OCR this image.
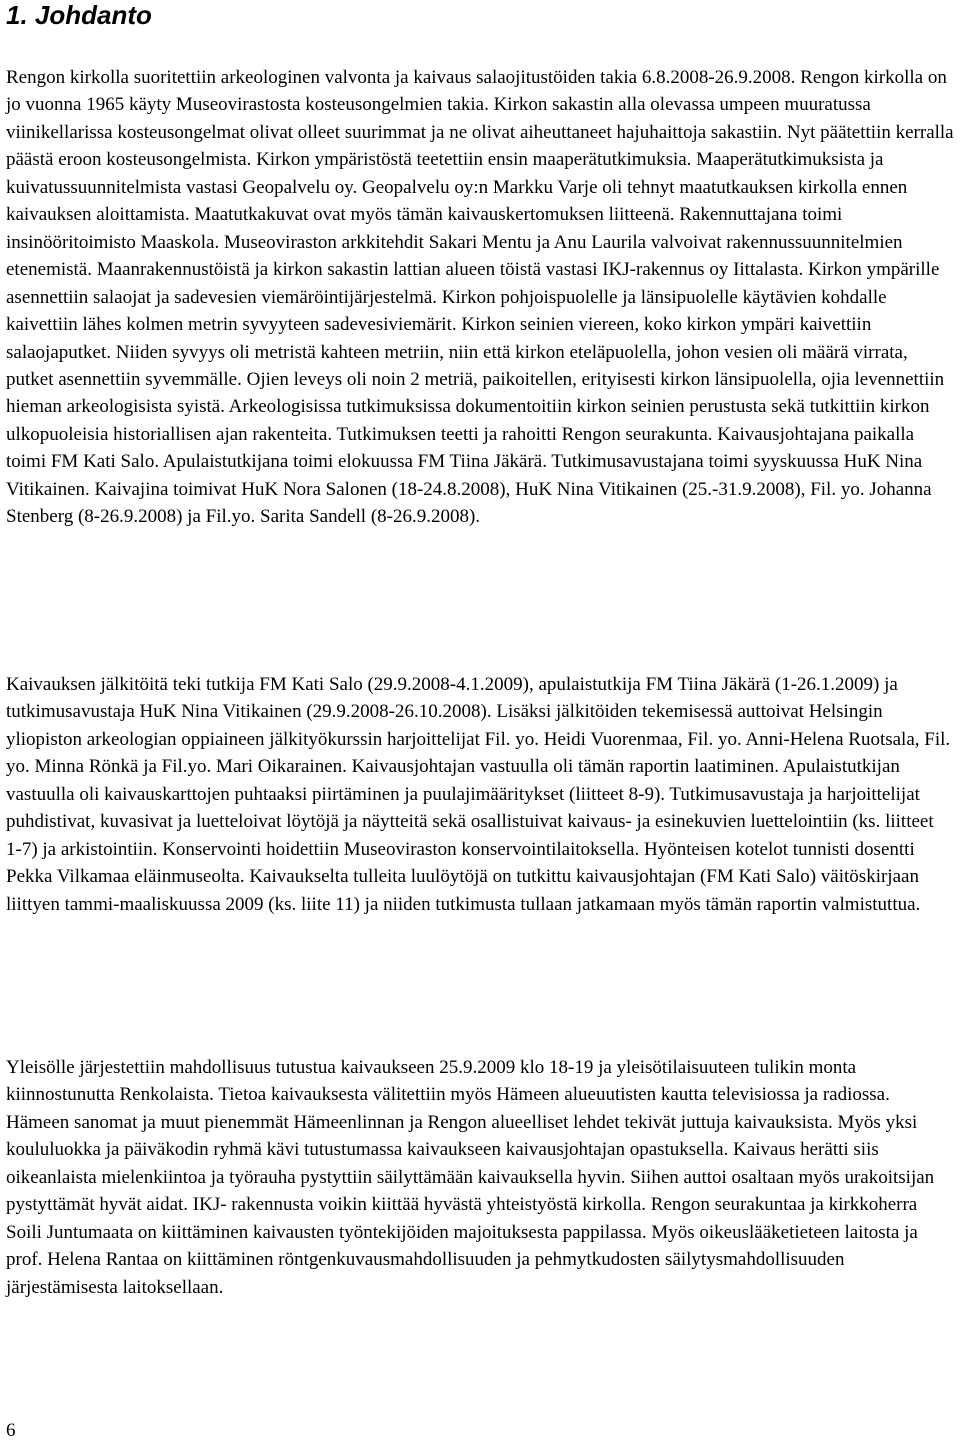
1. Johdanto

Rengon kirkolla suoritettiin arkeologinen valvonta ja kaivaus salaojitustöiden takia 6.8.2008-26.9.2008. Rengon kirkolla on jo vuonna 1965 käyty Museovirastosta kosteusongelmien takia. Kirkon sakastin alla olevassa umpeen muuratussa viinikellarissa kosteusongelmat olivat olleet suurimmat ja ne olivat aiheuttaneet hajuhaittoja sakastiin. Nyt päätettiin kerralla päästä eroon kosteusongelmista. Kirkon ympäristöstä teetettiin ensin maaperätutkimuksia. Maaperätutkimuksista ja kuivatussuunnitelmista vastasi Geopalvelu oy. Geopalvelu oy:n Markku Varje oli tehnyt maatutkauksen kirkolla ennen kaivauksen aloittamista. Maatutkakuvat ovat myös tämän kaivauskertomuksen liitteenä. Rakennuttajana toimi insinööritoimisto Maaskola. Museoviraston arkkitehdit Sakari Mentu ja Anu Laurila valvoivat rakennussuunnitelmien etenemistä. Maanrakennustöistä ja kirkon sakastin lattian alueen töistä vastasi IKJ-rakennus oy Iittalasta. Kirkon ympärille asennettiin salaojat ja sadevesien viemäröintijärjestelmä. Kirkon pohjoispuolelle ja länsipuolelle käytävien kohdalle kaivettiin lähes kolmen metrin syvyyteen sadevesiviemärit. Kirkon seinien viereen, koko kirkon ympäri kaivettiin salaojaputket. Niiden syvyys oli metristä kahteen metriin, niin että kirkon eteläpuolella, johon vesien oli määrä virrata, putket asennettiin syvemmälle. Ojien leveys oli noin 2 metriä, paikoitellen, erityisesti kirkon länsipuolella, ojia levennettiin hieman arkeologisista syistä. Arkeologisissa tutkimuksissa dokumentoitiin kirkon seinien perustusta sekä tutkittiin kirkon ulkopuoleisia historiallisen ajan rakenteita. Tutkimuksen teetti ja rahoitti Rengon seurakunta. Kaivausjohtajana paikalla toimi FM Kati Salo. Apulaistutkijana toimi elokuussa FM Tiina Jäkärä. Tutkimusavustajana toimi syyskuussa HuK Nina Vitikainen. Kaivajina toimivat HuK Nora Salonen (18-24.8.2008), HuK Nina Vitikainen (25.-31.9.2008), Fil. yo. Johanna Stenberg (8-26.9.2008) ja Fil.yo. Sarita Sandell (8-26.9.2008).

Kaivauksen jälkitöitä teki tutkija FM Kati Salo (29.9.2008-4.1.2009), apulaistutkija FM Tiina Jäkärä (1-26.1.2009) ja tutkimusavustaja HuK Nina Vitikainen (29.9.2008-26.10.2008). Lisäksi jälkitöiden tekemisessä auttoivat Helsingin yliopiston arkeologian oppiaineen jälkityökurssin harjoittelijat Fil. yo. Heidi Vuorenmaa, Fil. yo. Anni-Helena Ruotsala, Fil. yo. Minna Rönkä ja Fil.yo. Mari Oikarainen. Kaivausjohtajan vastuulla oli tämän raportin laatiminen. Apulaistutkijan vastuulla oli kaivauskarttojen puhtaaksi piirtäminen ja puulajimääritykset (liitteet 8-9). Tutkimusavustaja ja harjoittelijat puhdistivat, kuvasivat ja luetteloivat löytöjä ja näytteitä sekä osallistuivat kaivaus- ja esinekuvien luettelointiin (ks. liitteet 1-7) ja arkistointiin. Konservointi hoidettiin Museoviraston konservointilaitoksella. Hyönteisen kotelot tunnisti dosentti Pekka Vilkamaa eläinmuseolta. Kaivaukselta tulleita luulöytöjä on tutkittu kaivausjohtajan (FM Kati Salo) väitöskirjaan liittyen tammi-maaliskuussa 2009 (ks. liite 11) ja niiden tutkimusta tullaan jatkamaan myös tämän raportin valmistuttua.

Yleisölle järjestettiin mahdollisuus tutustua kaivaukseen 25.9.2009 klo 18-19 ja yleisötilaisuuteen tulikin monta kiinnostunutta Renkolaista. Tietoa kaivauksesta välitettiin myös Hämeen alueuutisten kautta televisiossa ja radiossa. Hämeen sanomat ja muut pienemmät Hämeenlinnan ja Rengon alueelliset lehdet tekivät juttuja kaivauksista. Myös yksi koululuokka ja päiväkodin ryhmä kävi tutustumassa kaivaukseen kaivausjohtajan opastuksella. Kaivaus herätti siis oikeanlaista mielenkiintoa ja työrauha pystyttiin säilyttämään kaivauksella hyvin. Siihen auttoi osaltaan myös urakoitsijan pystyttämät hyvät aidat. IKJ- rakennusta voikin kiittää hyvästä yhteistyöstä kirkolla. Rengon seurakuntaa ja kirkkoherra Soili Juntumaata on kiittäminen kaivausten työntekijöiden majoituksesta pappilassa. Myös oikeuslääketieteen laitosta ja prof. Helena Rantaa on kiittäminen röntgenkuvausmahdollisuuden ja pehmytkudosten säilytysmahdollisuuden järjestämisesta laitoksellaan.

6
